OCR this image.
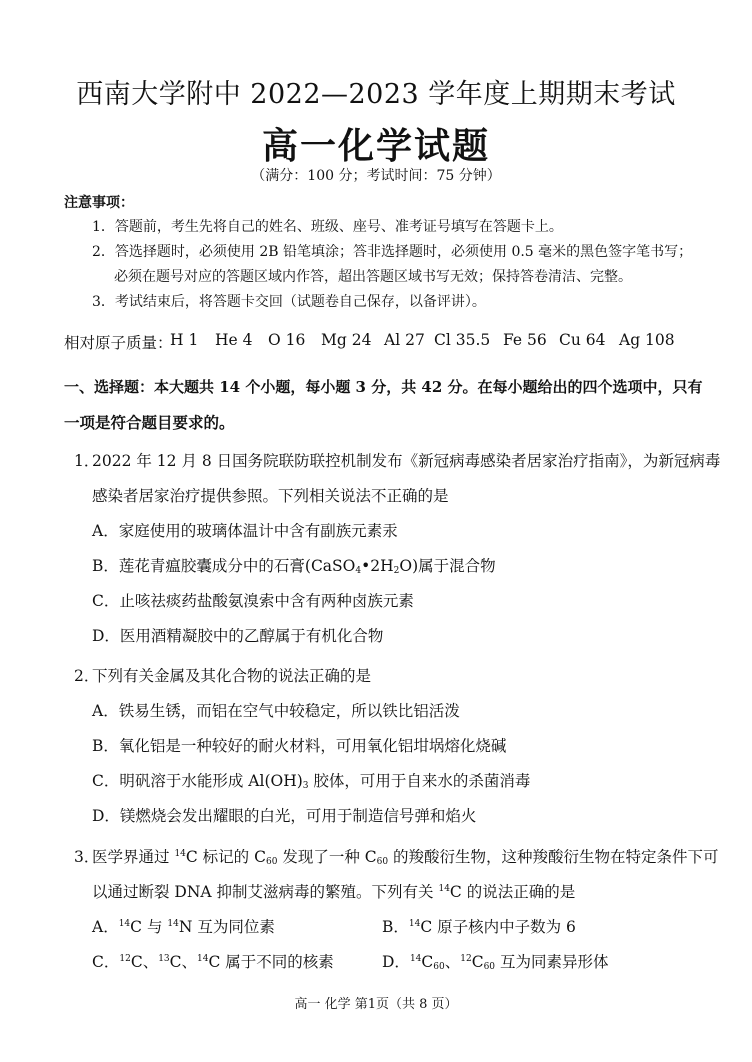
西南大学附中 2022—2023 学年度上期期末考试
高一化学试题
（满分：100 分；考试时间：75 分钟）
注意事项：
1．答题前，考生先将自己的姓名、班级、座号、准考证号填写在答题卡上。
2．答选择题时，必须使用 2B 铅笔填涂；答非选择题时，必须使用 0.5 毫米的黑色签字笔书写；
必须在题号对应的答题区域内作答，超出答题区域书写无效；保持答卷清洁、完整。
3．考试结束后，将答题卡交回（试题卷自己保存，以备评讲）。
相对原子质量：
H 1 He 4 O 16 Mg 24 Al 27 Cl 35.5 Fe 56 Cu 64 Ag 108
一、选择题：本大题共 14 个小题，每小题 3 分，共 42 分。在每小题给出的四个选项中，只有
一项是符合题目要求的。
1．
2022 年 12 月 8 日国务院联防联控机制发布《新冠病毒感染者居家治疗指南》，为新冠病毒
感染者居家治疗提供参照。下列相关说法不正确的是
A．家庭使用的玻璃体温计中含有副族元素汞
B．莲花青瘟胶囊成分中的石膏$(CaSO_4•2H_2O)$属于混合物
C．止咳祛痰药盐酸氨溴索中含有两种卤族元素
D．医用酒精凝胶中的乙醇属于有机化合物
2．
下列有关金属及其化合物的说法正确的是
A．铁易生锈，而铝在空气中较稳定，所以铁比铝活泼
B．氧化铝是一种较好的耐火材料，可用氧化铝坩埚熔化烧碱
C．明矾溶于水能形成 $Al(OH)_3$ 胶体，可用于自来水的杀菌消毒
D．镁燃烧会发出耀眼的白光，可用于制造信号弹和焰火
3．
医学界通过 $^{14}$C 标记的 $C_{60}$ 发现了一种 $C_{60}$ 的羧酸衍生物，这种羧酸衍生物在特定条件下可
以通过断裂 DNA 抑制艾滋病毒的繁殖。下列有关 $^{14}$C 的说法正确的是
A．$^{14}$C 与 $^{14}$N 互为同位素	B．$^{14}$C 原子核内中子数为 6
C．$^{12}$C、$^{13}$C、$^{14}$C 属于不同的核素	D．$^{14}C_{60}$、$^{12}C_{60}$ 互为同素异形体
高一 化学 第1页（共 8 页）
